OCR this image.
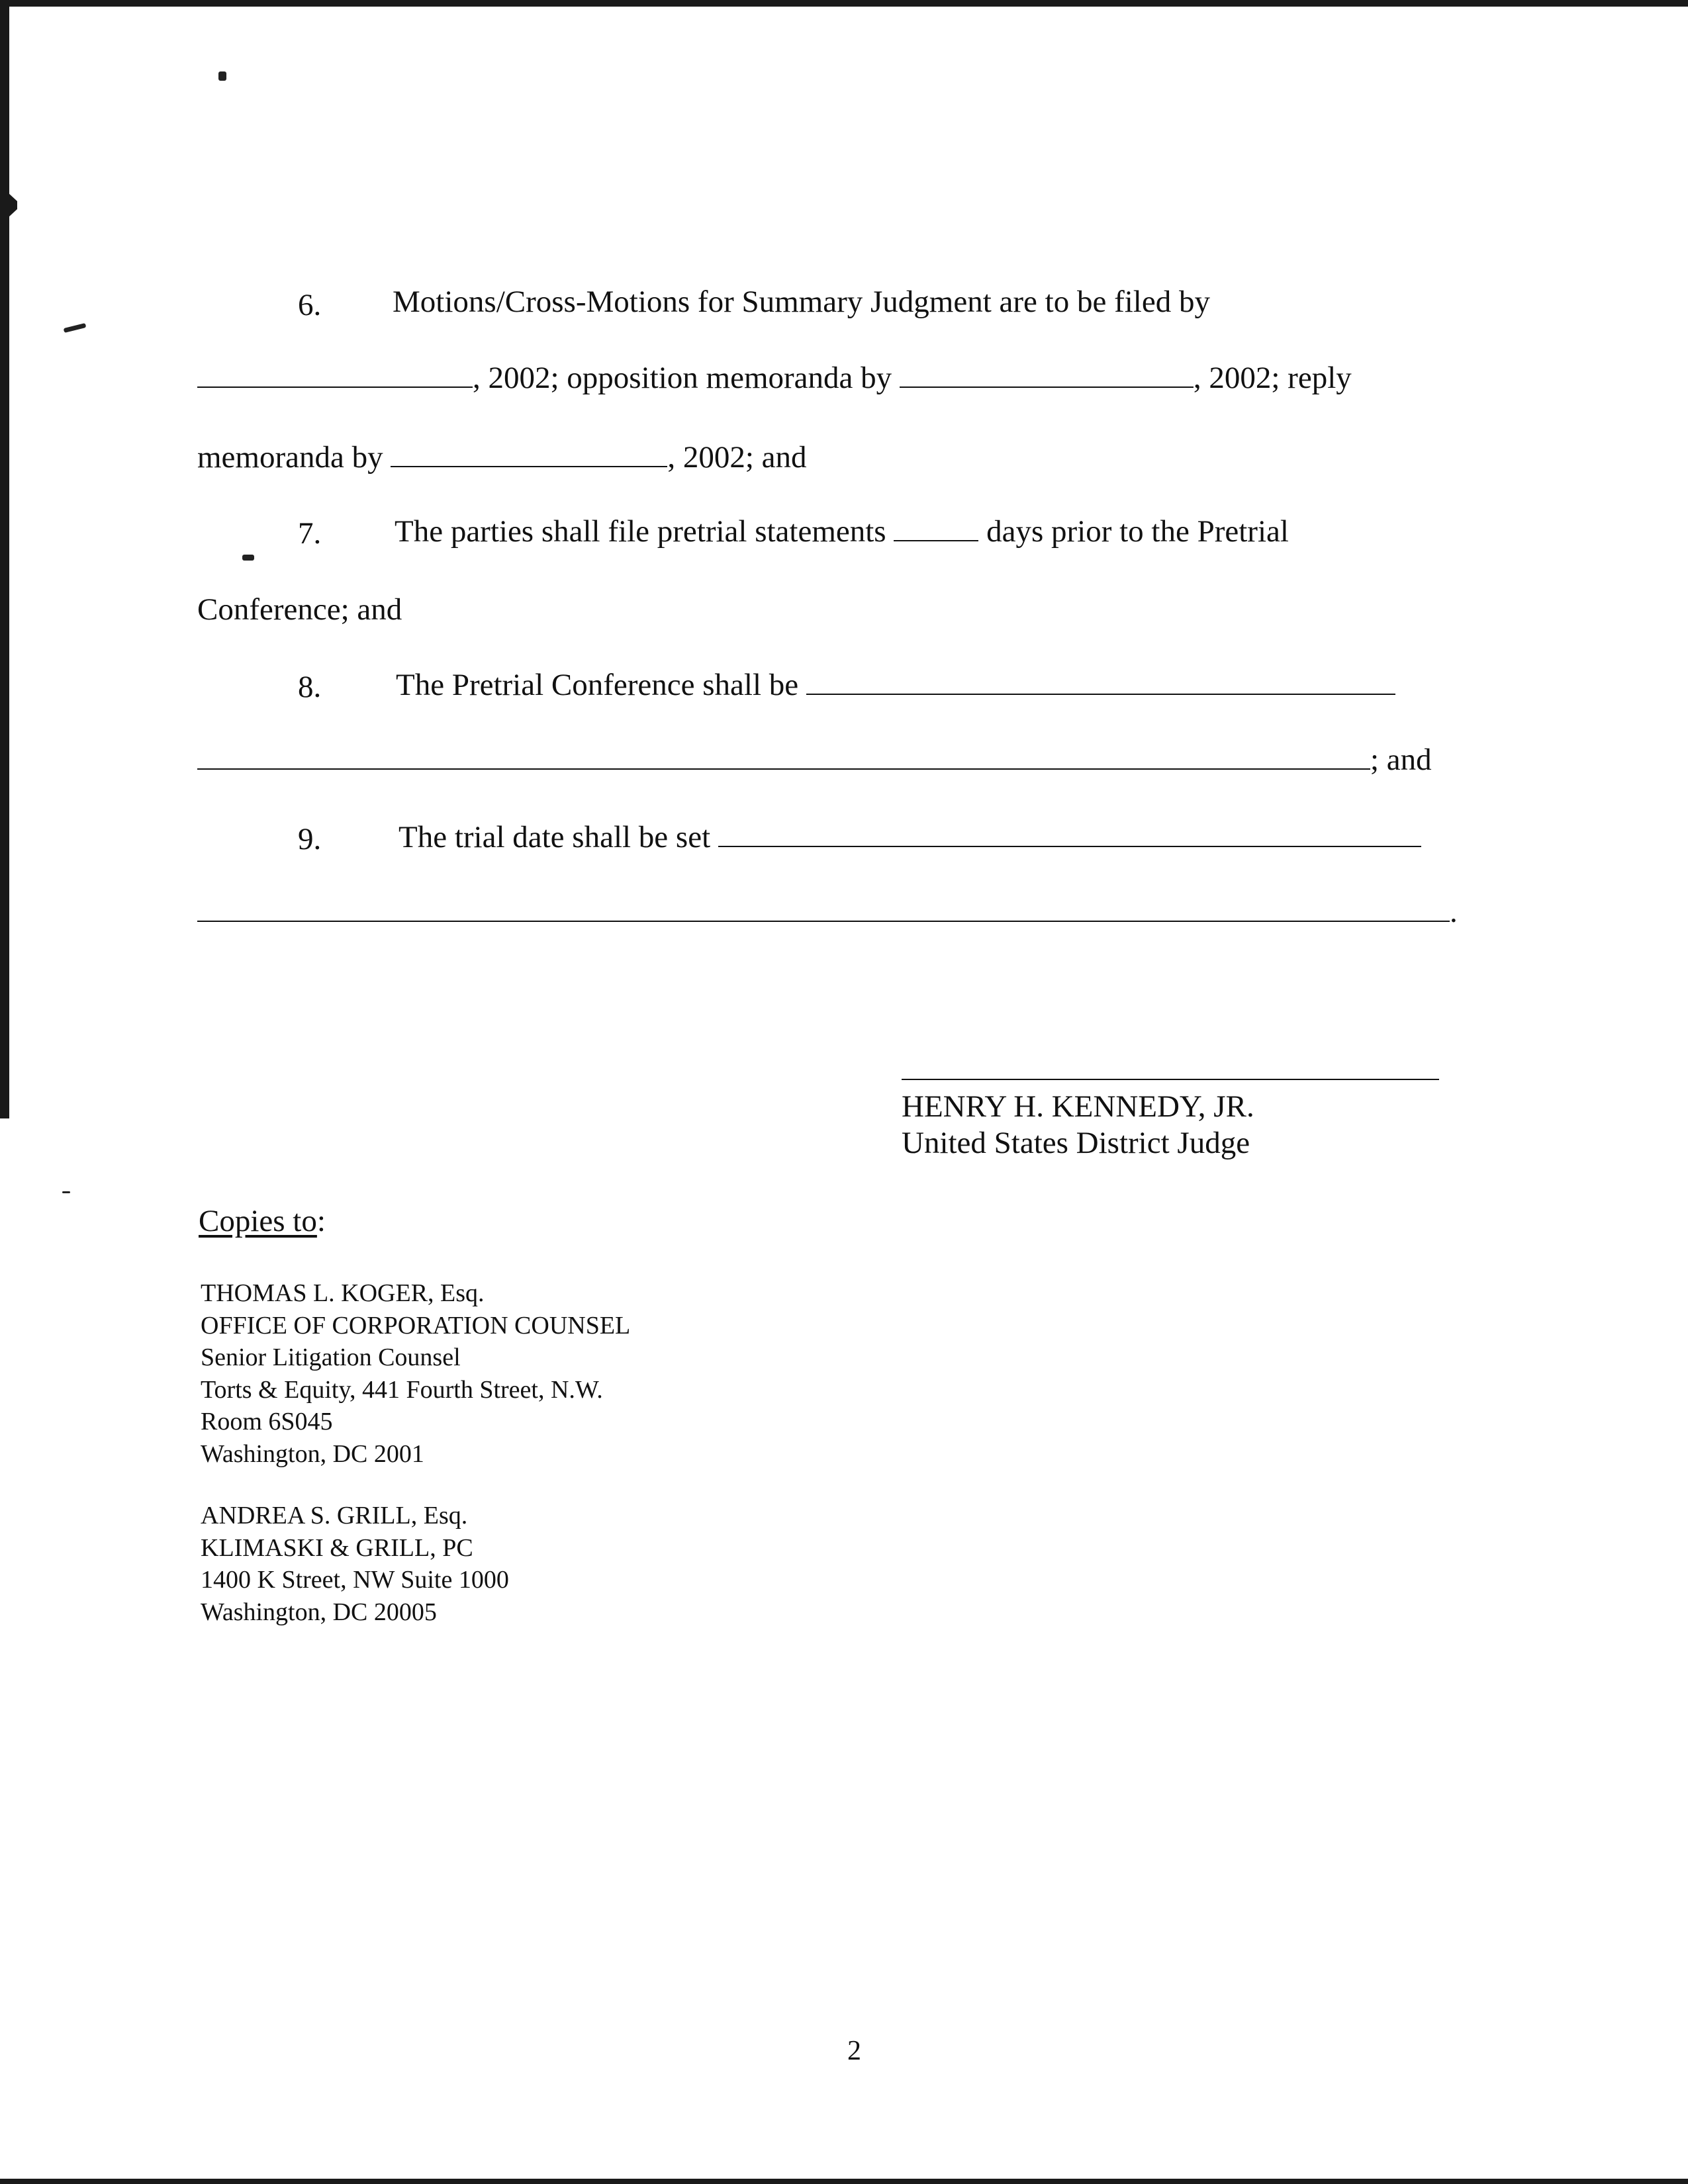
6. Motions/Cross-Motions for Summary Judgment are to be filed by
, 2002; opposition memoranda by	, 2002; reply
memoranda by	, 2002; and
7. The parties shall file pretrial statements	days prior to the Pretrial
Conference; and
8. The Pretrial Conference shall be
; and
9. The trial date shall be set
.
HENRY H. KENNEDY, JR.
United States District Judge
Copies to:
THOMAS L. KOGER, Esq.
OFFICE OF CORPORATION COUNSEL
Senior Litigation Counsel
Torts & Equity, 441 Fourth Street, N.W.
Room 6S045
Washington, DC 2001
ANDREA S. GRILL, Esq.
KLIMASKI & GRILL, PC
1400 K Street, NW Suite 1000
Washington, DC 20005
2
